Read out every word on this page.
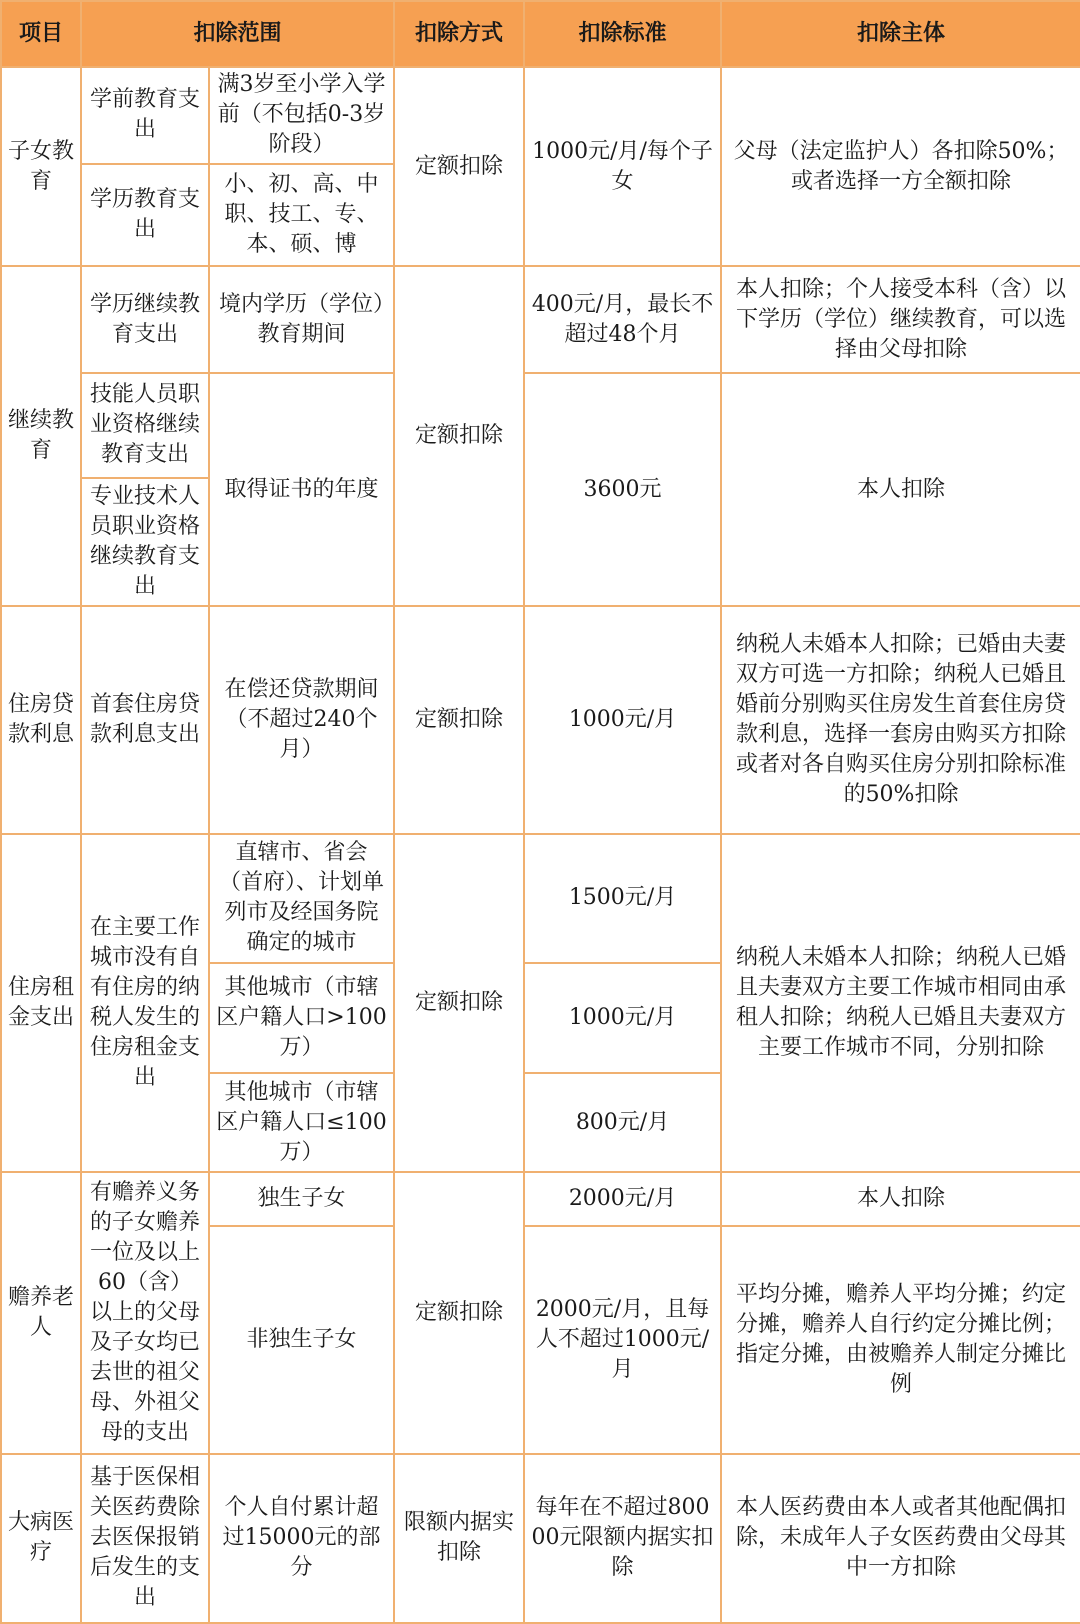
项目	扣除范围		扣除方式	扣除标准	扣除主体
子女教育	学前教育支出	满3岁至小学入学前（不包括0-3岁阶段）	定额扣除	1000元/月/每个子女	父母（法定监护人）各扣除50%；或者选择一方全额扣除
	学历教育支出	小、初、高、中职、技工、专、本、硕、博			
继续教育	学历继续教育支出	境内学历（学位）教育期间	定额扣除	400元/月，最长不超过48个月	本人扣除；个人接受本科（含）以下学历（学位）继续教育，可以选择由父母扣除
	技能人员职业资格继续教育支出	取得证书的年度		3600元	本人扣除
	专业技术人员职业资格继续教育支出				
住房贷款利息	首套住房贷款利息支出	在偿还贷款期间（不超过240个月）	定额扣除	1000元/月	纳税人未婚本人扣除；已婚由夫妻双方可选一方扣除；纳税人已婚且婚前分别购买住房发生首套住房贷款利息，选择一套房由购买方扣除或者对各自购买住房分别扣除标准的50%扣除
住房租金支出	在主要工作城市没有自有住房的纳税人发生的住房租金支出	直辖市、省会（首府）、计划单列市及经国务院确定的城市	定额扣除	1500元/月	纳税人未婚本人扣除；纳税人已婚且夫妻双方主要工作城市相同由承租人扣除；纳税人已婚且夫妻双方主要工作城市不同，分别扣除
		其他城市（市辖区户籍人口>100万）		1000元/月	
		其他城市（市辖区户籍人口≤100万）		800元/月	
赡养老人	有赡养义务的子女赡养一位及以上60（含）以上的父母及子女均已去世的祖父母、外祖父母的支出	独生子女	定额扣除	2000元/月	本人扣除
		非独生子女		2000元/月，且每人不超过1000元/月	平均分摊，赡养人平均分摊；约定分摊，赡养人自行约定分摊比例；指定分摊，由被赡养人制定分摊比例
大病医疗	基于医保相关医药费除去医保报销后发生的支出	个人自付累计超过15000元的部分	限额内据实扣除	每年在不超过80000元限额内据实扣除	本人医药费由本人或者其他配偶扣除，未成年人子女医药费由父母其中一方扣除
